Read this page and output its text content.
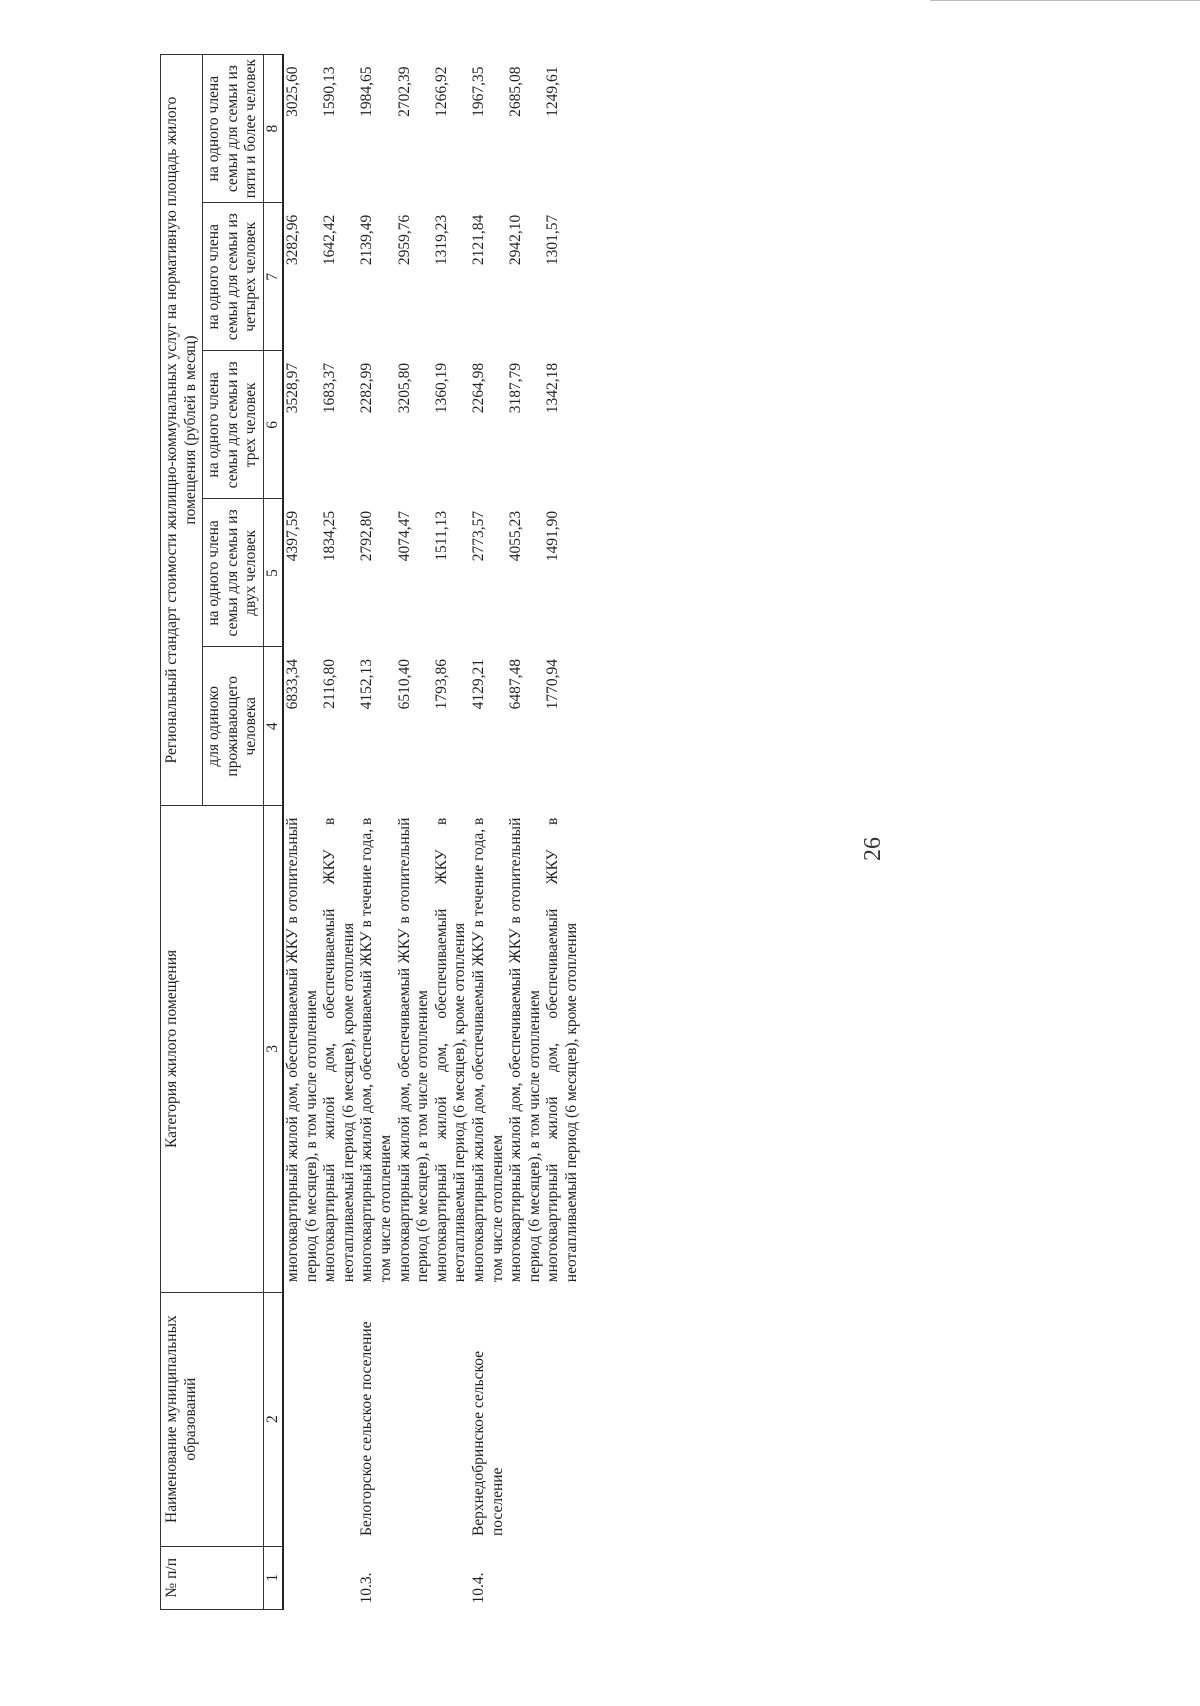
26
№ п/п	Наименование муниципальных образований	Категория жилого помещения	Региональный стандарт стоимости жилищно-коммунальных услуг на нормативную площадь жилого помещения (рублей в месяц)				
			для одиноко проживающего человека	на одного члена семьи для семьи из двух человек	на одного члена семьи для семьи из трех человек	на одного члена семьи для семьи из четырех человек	на одного члена семьи для семьи из пяти и более человек
1	2	3	4	5	6	7	8
		многоквартирный жилой дом, обеспечиваемый ЖКУ в отопительный период (6 месяцев), в том числе отоплением	6833,34	4397,59	3528,97	3282,96	3025,60
		многоквартирный жилой дом, обеспечиваемый ЖКУ в неотапливаемый период (6 месяцев), кроме отопления	2116,80	1834,25	1683,37	1642,42	1590,13
10.3.	Белогорское сельское поселение	многоквартирный жилой дом, обеспечиваемый ЖКУ в течение года, в том числе отоплением	4152,13	2792,80	2282,99	2139,49	1984,65
		многоквартирный жилой дом, обеспечиваемый ЖКУ в отопительный период (6 месяцев), в том числе отоплением	6510,40	4074,47	3205,80	2959,76	2702,39
		многоквартирный жилой дом, обеспечиваемый ЖКУ в неотапливаемый период (6 месяцев), кроме отопления	1793,86	1511,13	1360,19	1319,23	1266,92
10.4.	Верхнедобринское сельское поселение	многоквартирный жилой дом, обеспечиваемый ЖКУ в течение года, в том числе отоплением	4129,21	2773,57	2264,98	2121,84	1967,35
		многоквартирный жилой дом, обеспечиваемый ЖКУ в отопительный период (6 месяцев), в том числе отоплением	6487,48	4055,23	3187,79	2942,10	2685,08
		многоквартирный жилой дом, обеспечиваемый ЖКУ в неотапливаемый период (6 месяцев), кроме отопления	1770,94	1491,90	1342,18	1301,57	1249,61
